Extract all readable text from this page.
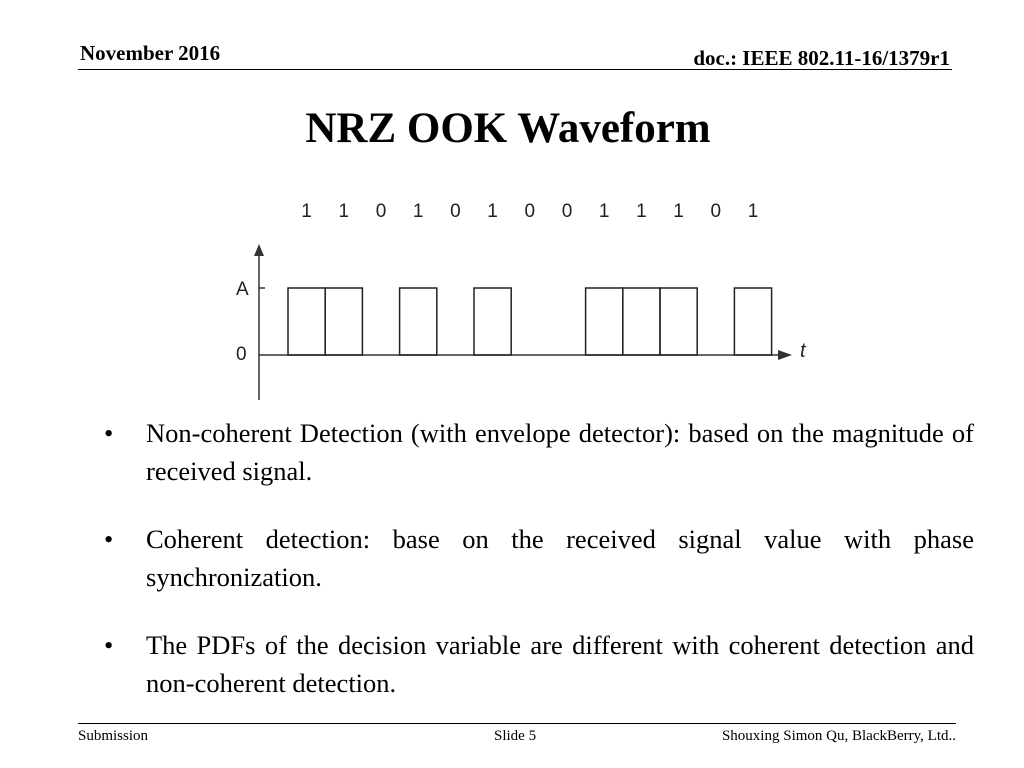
November 2016	doc.: IEEE 802.11-16/1379r1
NRZ OOK Waveform
1 1 0 1 0 1 0 0 1 1 1 0 1
A
0	t
• Non-coherent Detection (with envelope detector): based on the magnitude of received signal.
• Coherent detection: base on the received signal value with phase synchronization.
• The PDFs of the decision variable are different with coherent detection and non-coherent detection.
Submission	Slide 5	Shouxing Simon Qu, BlackBerry, Ltd..
